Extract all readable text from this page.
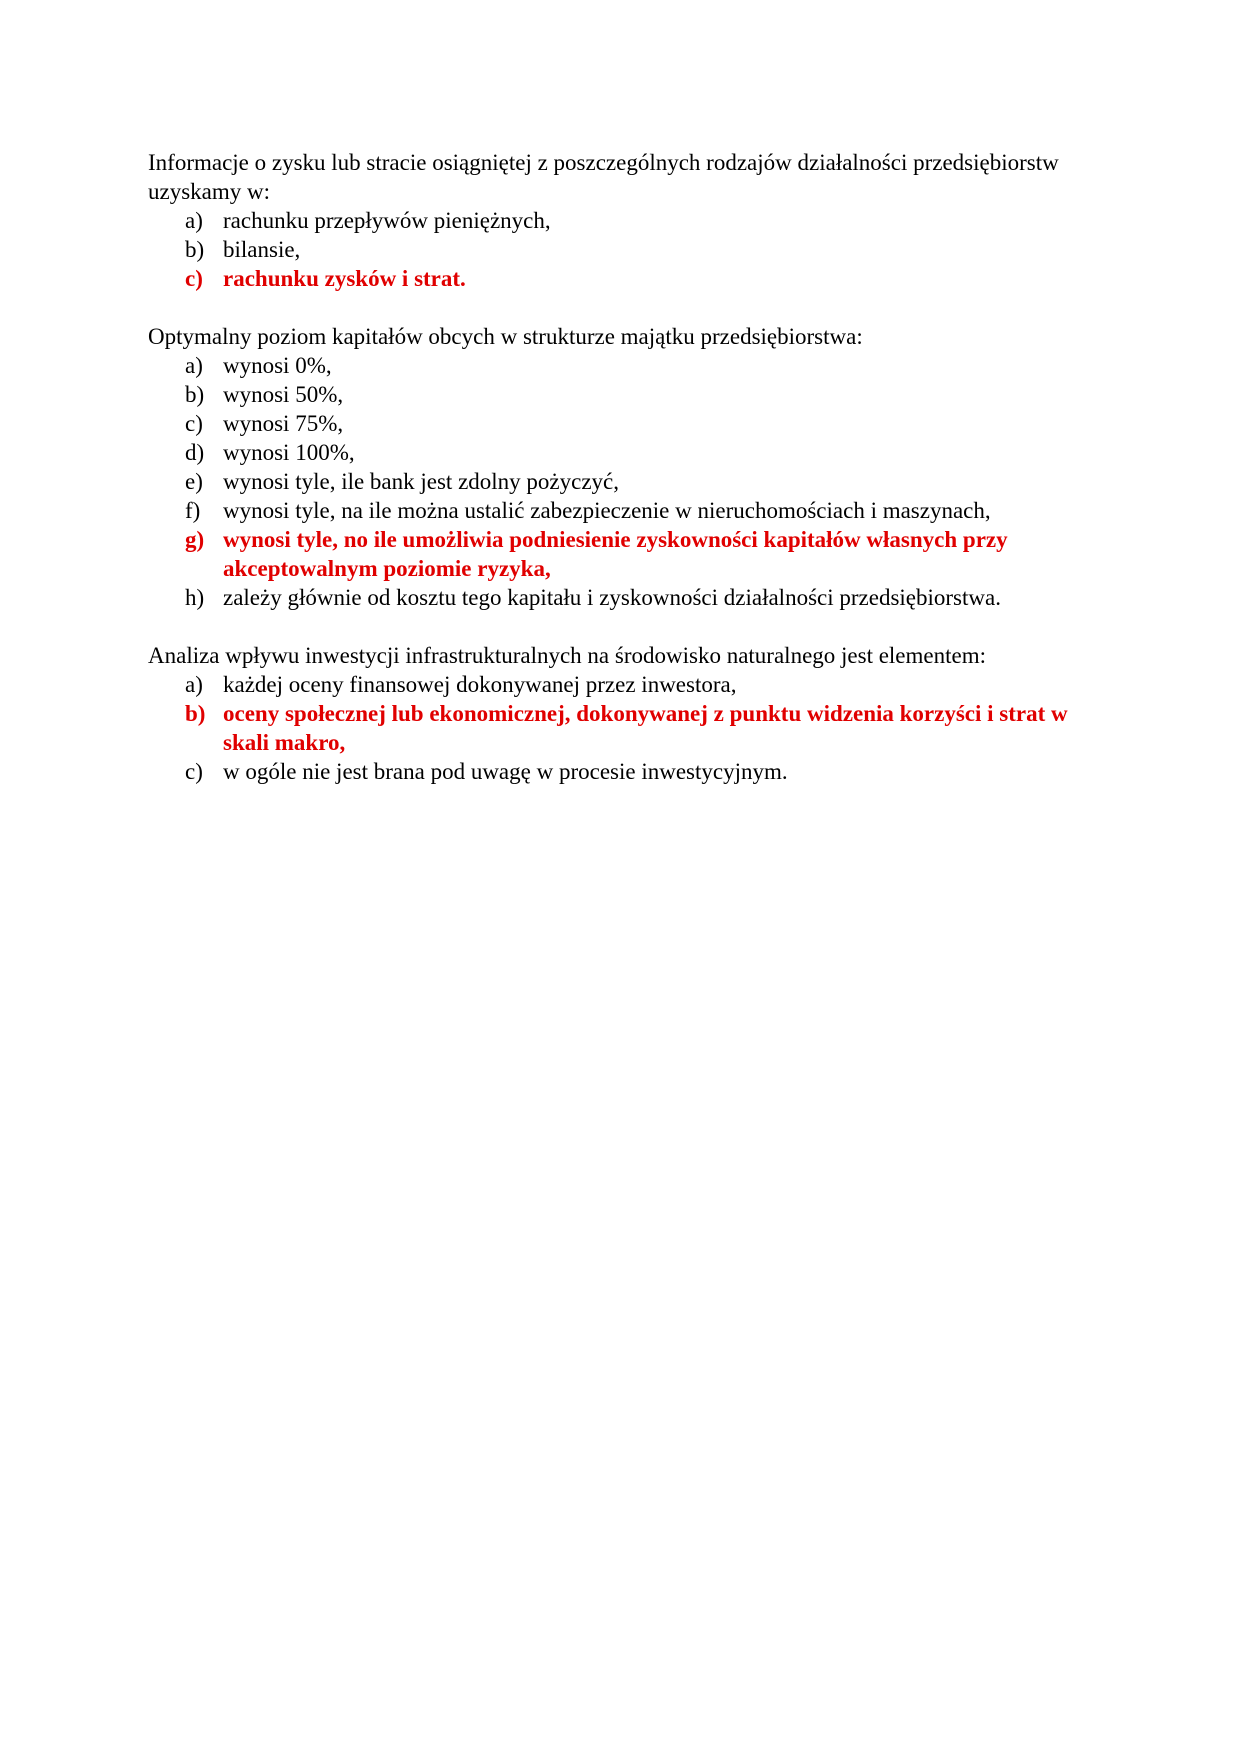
Informacje o zysku lub stracie osiągniętej z poszczególnych rodzajów działalności przedsiębiorstw uzyskamy w:

a) rachunku przepływów pieniężnych,
b) bilansie,
c) rachunku zysków i strat.

Optymalny poziom kapitałów obcych w strukturze majątku przedsiębiorstwa:

a) wynosi 0%,
b) wynosi 50%,
c) wynosi 75%,
d) wynosi 100%,
e) wynosi tyle, ile bank jest zdolny pożyczyć,
f) wynosi tyle, na ile można ustalić zabezpieczenie w nieruchomościach i maszynach,
g) wynosi tyle, no ile umożliwia podniesienie zyskowności kapitałów własnych przy akceptowalnym poziomie ryzyka,
h) zależy głównie od kosztu tego kapitału i zyskowności działalności przedsiębiorstwa.

Analiza wpływu inwestycji infrastrukturalnych na środowisko naturalnego jest elementem:

a) każdej oceny finansowej dokonywanej przez inwestora,
b) oceny społecznej lub ekonomicznej, dokonywanej z punktu widzenia korzyści i strat w skali makro,
c) w ogóle nie jest brana pod uwagę w procesie inwestycyjnym.
